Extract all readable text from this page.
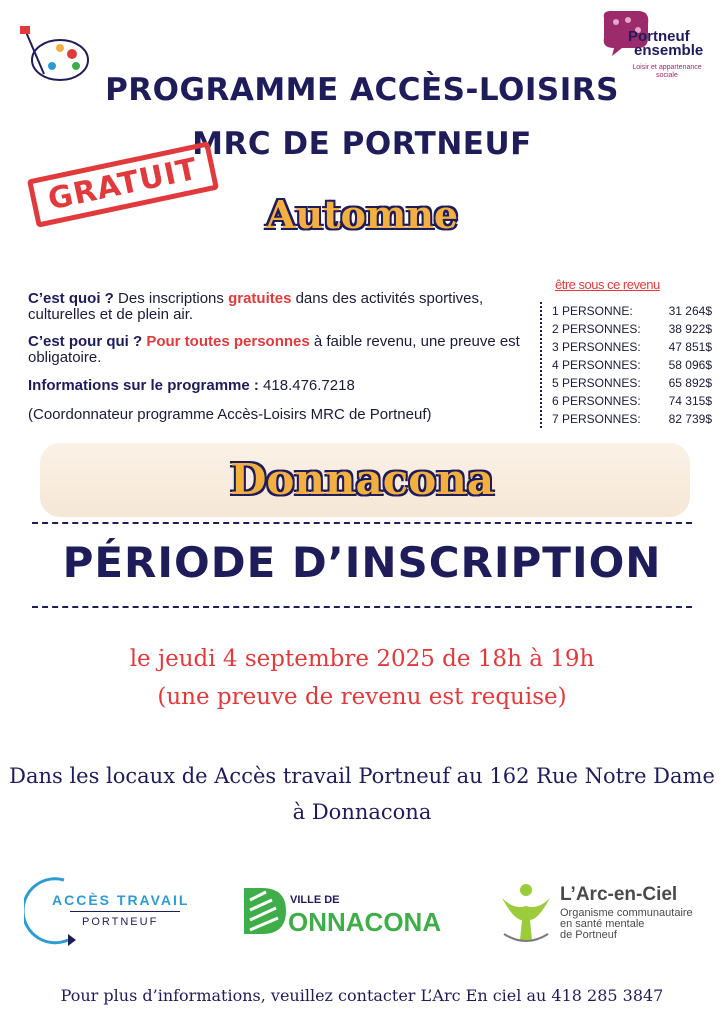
Portneuf
ensemble
Loisir et appartenance
sociale
PROGRAMME ACCÈS-LOISIRS
MRC DE PORTNEUF
GRATUIT	Automne
C’est quoi ? Des inscriptions gratuites dans des activités sportives, culturelles et de plein air.
C’est pour qui ? Pour toutes personnes à faible revenu, une preuve est obligatoire.
Informations sur le programme : 418.476.7218
(Coordonnateur programme Accès-Loisirs MRC de Portneuf)
être sous ce revenu
1 PERSONNE:	31 264$
2 PERSONNES: 38 922$
3 PERSONNES: 47 851$
4 PERSONNES: 58 096$
5 PERSONNES: 65 892$
6 PERSONNES: 74 315$
7 PERSONNES: 82 739$
Donnacona
PÉRIODE D’INSCRIPTION
le jeudi 4 septembre 2025 de 18h à 19h
(une preuve de revenu est requise)
Dans les locaux de Accès travail Portneuf au 162 Rue Notre Dame
à Donnacona
ACCÈS TRAVAIL
PORTNEUF
VILLE DE
ONNACONA
L’Arc-en-Ciel
Organisme communautaire
en santé mentale
de Portneuf
Pour plus d’informations, veuillez contacter L’Arc En ciel au 418 285 3847
